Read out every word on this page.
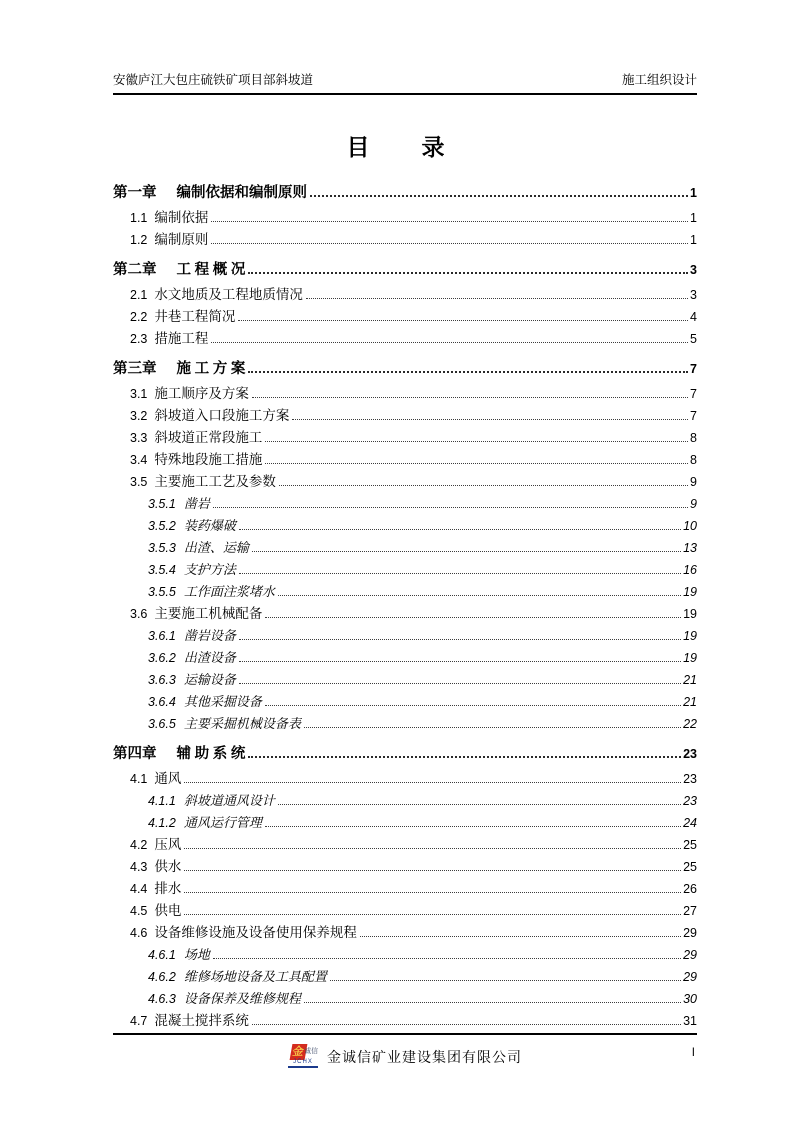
安徽庐江大包庄硫铁矿项目部斜坡道	施工组织设计
目　　录
第一章 编制依据和编制原则	1
1.1 编制依据	1
1.2 编制原则	1
第二章 工 程 概 况	3
2.1 水文地质及工程地质情况	3
2.2 井巷工程简况	4
2.3 措施工程	5
第三章 施 工 方 案	7
3.1 施工顺序及方案	7
3.2 斜坡道入口段施工方案	7
3.3 斜坡道正常段施工	8
3.4 特殊地段施工措施	8
3.5 主要施工工艺及参数	9
3.5.1 凿岩	9
3.5.2 装药爆破	10
3.5.3 出渣、运输	13
3.5.4 支护方法	16
3.5.5 工作面注浆堵水	19
3.6 主要施工机械配备	19
3.6.1 凿岩设备	19
3.6.2 出渣设备	19
3.6.3 运输设备	21
3.6.4 其他采掘设备	21
3.6.5 主要采掘机械设备表	22
第四章 辅 助 系 统	23
4.1 通风	23
4.1.1 斜坡道通风设计	23
4.1.2 通风运行管理	24
4.2 压风	25
4.3 供水	25
4.4 排水	26
4.5 供电	27
4.6 设备维修设施及设备使用保养规程	29
4.6.1 场地	29
4.6.2 维修场地设备及工具配置	29
4.6.3 设备保养及维修规程	30
4.7 混凝土搅拌系统	31
金
诚信
JCHX	金诚信矿业建设集团有限公司	I
